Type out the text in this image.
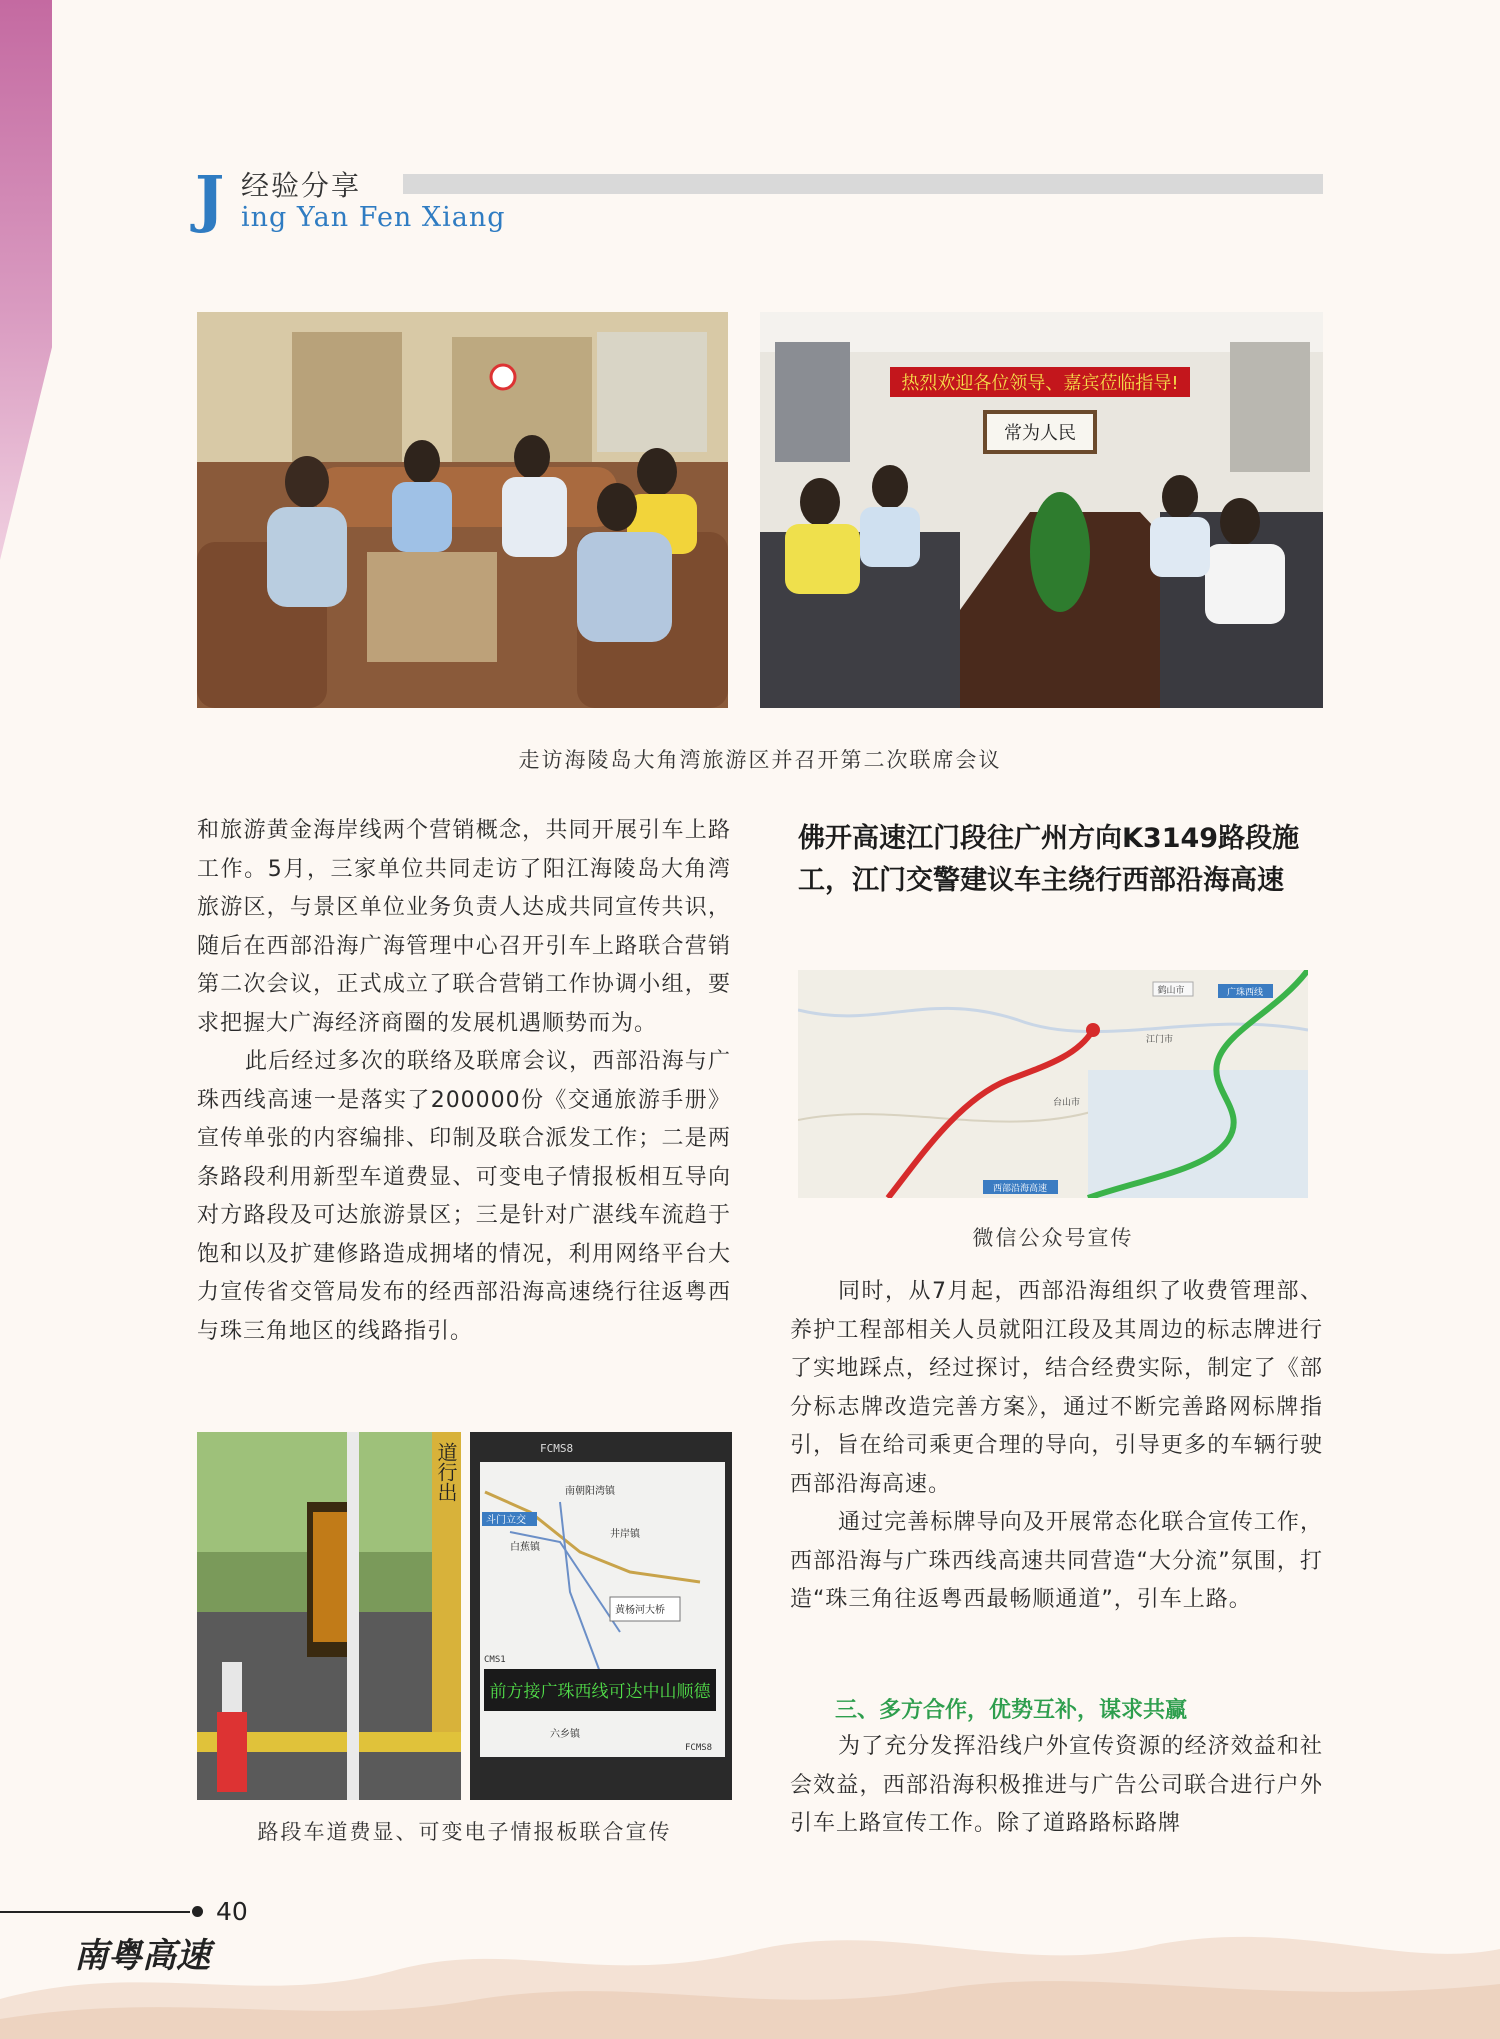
J 经验分享
ing Yan Fen Xiang
热烈欢迎各位领导、嘉宾莅临指导!
常为人民
走访海陵岛大角湾旅游区并召开第二次联席会议

和旅游黄金海岸线两个营销概念，共同开展引车上路工作。5月，三家单位共同走访了阳江海陵岛大角湾旅游区，与景区单位业务负责人达成共同宣传共识，随后在西部沿海广海管理中心召开引车上路联合营销第二次会议，正式成立了联合营销工作协调小组，要求把握大广海经济商圈的发展机遇顺势而为。

此后经过多次的联络及联席会议，西部沿海与广珠西线高速一是落实了200000份《交通旅游手册》宣传单张的内容编排、印制及联合派发工作；二是两条路段利用新型车道费显、可变电子情报板相互导向对方路段及可达旅游景区；三是针对广湛线车流趋于饱和以及扩建修路造成拥堵的情况，利用网络平台大力宣传省交管局发布的经西部沿海高速绕行往返粤西与珠三角地区的线路指引。

道行出	FCMS8
斗门立交
南朝阳湾镇
白蕉镇
井岸镇
黄杨河大桥
CMS1
前方接广珠西线可达中山顺德
六乡镇
FCMS8
路段车道费显、可变电子情报板联合宣传
佛开高速江门段往广州方向K3149路段施工，江门交警建议车主绕行西部沿海高速
鹤山市
江门市
台山市
广珠西线
西部沿海高速
微信公众号宣传

同时，从7月起，西部沿海组织了收费管理部、养护工程部相关人员就阳江段及其周边的标志牌进行了实地踩点，经过探讨，结合经费实际，制定了《部分标志牌改造完善方案》，通过不断完善路网标牌指引，旨在给司乘更合理的导向，引导更多的车辆行驶西部沿海高速。

通过完善标牌导向及开展常态化联合宣传工作，西部沿海与广珠西线高速共同营造“大分流”氛围，打造“珠三角往返粤西最畅顺通道”，引车上路。

三、多方合作，优势互补，谋求共赢

为了充分发挥沿线户外宣传资源的经济效益和社会效益，西部沿海积极推进与广告公司联合进行户外引车上路宣传工作。除了道路路标路牌

40
南粤高速
